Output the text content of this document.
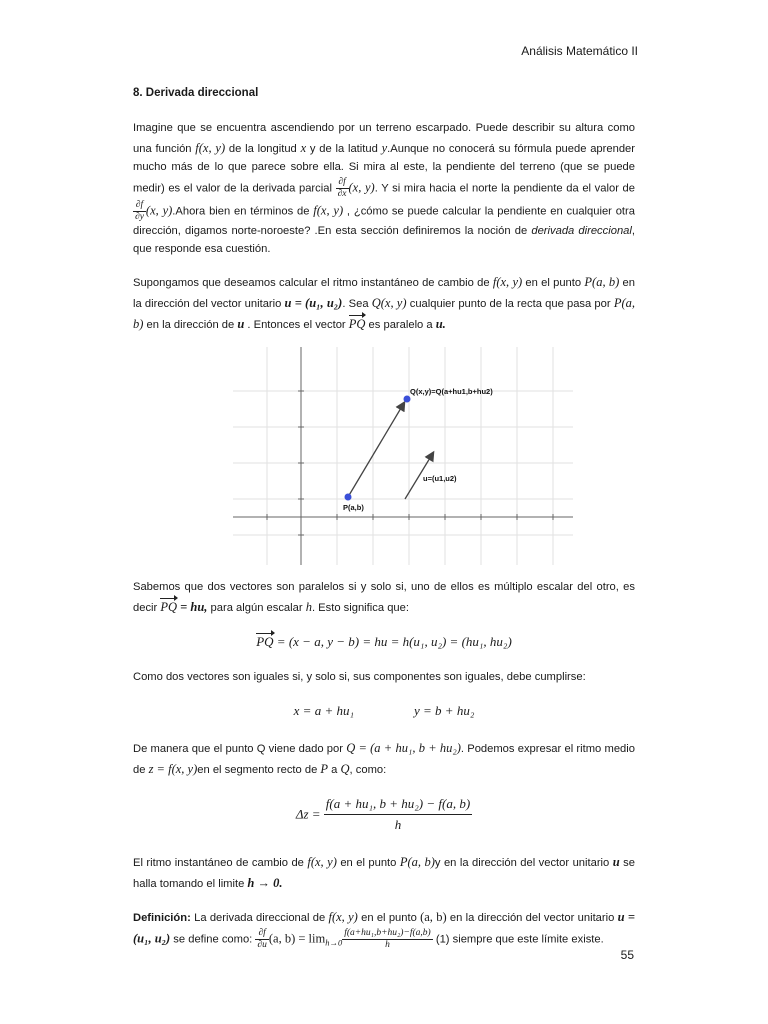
Análisis Matemático II
8. Derivada direccional

Imagine que se encuentra ascendiendo por un terreno escarpado. Puede describir su altura como una función f(x, y) de la longitud x y de la latitud y.Aunque no conocerá su fórmula puede aprender mucho más de lo que parece sobre ella. Si mira al este, la pendiente del terreno (que se puede medir) es el valor de la derivada parcial $\frac{\partial f}{\partial x} (x$, y). Y si mira hacia el norte la pendiente da el valor de
$\frac{\partial f}{\partial y} (x$, y).Ahora bien en términos de f(x, y) , ¿cómo se puede calcular la pendiente en cualquier otra dirección, digamos norte-noroeste? .En esta sección definiremos la noción de derivada direccional, que responde esa cuestión.

Supongamos que deseamos calcular el ritmo instantáneo de cambio de f(x, y) en el punto P(a, b) en la dirección del vector unitario u = (u₁, u₂). Sea Q(x, y) cualquier punto de la recta que pasa por P(a, b) en la dirección de u . Entonces el vector PQ es paralelo a u.

Q(x,y)=Q(a+hu1,b+hu2)
P(a,b)
u=(u1,u2)

Sabemos que dos vectores son paralelos si y solo si, uno de ellos es múltiplo escalar del otro, es decir PQ = hu, para algún escalar h. Esto significa que:

PQ = (x − a, y − b) = hu = h(u₁, u₂) = (hu₁, hu₂)

Como dos vectores son iguales si, y solo si, sus componentes son iguales, debe cumplirse:

x = a + hu₁	y = b + hu₂

De manera que el punto Q viene dado por Q = (a + hu₁, b + hu₂). Podemos expresar el ritmo medio de z = f(x, y)en el segmento recto de P a Q, como:

$\Delta z = \frac{\text{f(a + hu₁, b + hu₂) − f(a, b)}}{h}$

El ritmo instantáneo de cambio de f(x, y) en el punto P(a, b)y en la dirección del vector unitario u se halla tomando el limite h → 0.

Definición: La derivada direccional de f(x, y) en el punto (a, b) en la dirección del vector unitario u = (u₁, u₂) se define como: $\frac{\partial f}{\partial u} (a$, $b) = \lim_{h\to 0} \frac{\text{f(a+hu₁,b+hu₂)−f(a,b)}}{h} (1)$ siempre que este límite existe.

55
